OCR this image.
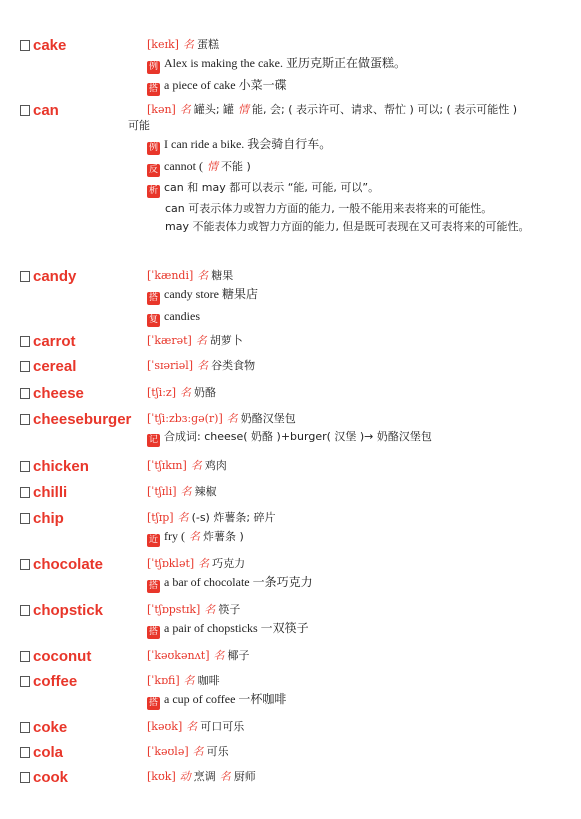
cake	[keɪk] 名 蛋糕
例 Alex is making the cake. 亚历克斯正在做蛋糕。
搭 a piece of cake 小菜一碟
can	[kən] 名 罐头; 罐 情 能, 会; ( 表示许可、请求、帮忙 ) 可以; ( 表示可能性 )
可能
例 I can ride a bike. 我会骑自行车。
反 cannot ( 情 不能 )
析 can 和 may 都可以表示 “能, 可能, 可以”。
can 可表示体力或智力方面的能力, 一般不能用来表将来的可能性。
may 不能表体力或智力方面的能力, 但是既可表现在又可表将来的可能性。
candy	[ˈkændi] 名 糖果
搭 candy store 糖果店
复 candies
carrot	[ˈkærət] 名 胡萝卜
cereal	[ˈsɪəriəl] 名 谷类食物
cheese	[tʃiːz] 名 奶酪
cheeseburger [ˈtʃiːzbɜːɡə(r)] 名 奶酪汉堡包
记 合成词: cheese( 奶酪 )+burger( 汉堡 )→ 奶酪汉堡包
chicken	[ˈtʃɪkɪn] 名 鸡肉
chilli	[ˈtʃɪli] 名 辣椒
chip	[tʃɪp] 名 (-s) 炸薯条; 碎片
近 fry ( 名 炸薯条 )
chocolate	[ˈtʃɒklət] 名 巧克力
搭 a bar of chocolate 一条巧克力
chopstick	[ˈtʃɒpstɪk] 名 筷子
搭 a pair of chopsticks 一双筷子
coconut	[ˈkəʊkənʌt] 名 椰子
coffee	[ˈkɒfi] 名 咖啡
搭 a cup of coffee 一杯咖啡
coke	[kəʊk] 名 可口可乐
cola	[ˈkəʊlə] 名 可乐
cook	[kʊk] 动 烹调 名 厨师
